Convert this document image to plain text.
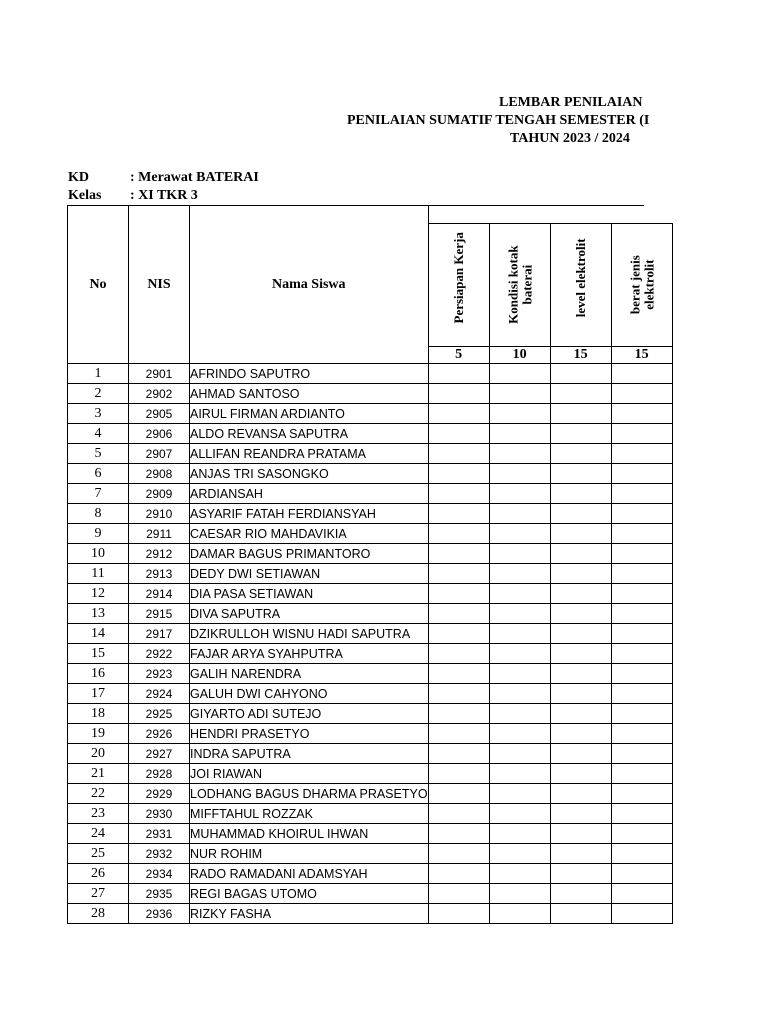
LEMBAR PENILAIAN
PENILAIAN SUMATIF TENGAH SEMESTER (I
TAHUN 2023 / 2024
KD	: Merawat BATERAI
Kelas : XI TKR 3
No	NIS	Nama Siswa				

			Persiapan Kerja	Kondisi kotak baterai	level elektrolit	berat jenis elektrolit

			5	10	15	15
1	2901	AFRINDO SAPUTRO				
2	2902	AHMAD SANTOSO				
3	2905	AIRUL FIRMAN ARDIANTO				
4	2906	ALDO REVANSA SAPUTRA				
5	2907	ALLIFAN REANDRA PRATAMA				
6	2908	ANJAS TRI SASONGKO				
7	2909	ARDIANSAH				
8	2910	ASYARIF FATAH FERDIANSYAH				
9	2911	CAESAR RIO MAHDAVIKIA				
10	2912	DAMAR BAGUS PRIMANTORO				
11	2913	DEDY DWI SETIAWAN				
12	2914	DIA PASA SETIAWAN				
13	2915	DIVA SAPUTRA				
14	2917	DZIKRULLOH WISNU HADI SAPUTRA				
15	2922	FAJAR ARYA SYAHPUTRA				
16	2923	GALIH NARENDRA				
17	2924	GALUH DWI CAHYONO				
18	2925	GIYARTO ADI SUTEJO				
19	2926	HENDRI PRASETYO				
20	2927	INDRA SAPUTRA				
21	2928	JOI RIAWAN				
22	2929	LODHANG BAGUS DHARMA PRASETYO				
23	2930	MIFFTAHUL ROZZAK				
24	2931	MUHAMMAD KHOIRUL IHWAN				
25	2932	NUR ROHIM				
26	2934	RADO RAMADANI ADAMSYAH				
27	2935	REGI BAGAS UTOMO				
28	2936	RIZKY FASHA				
